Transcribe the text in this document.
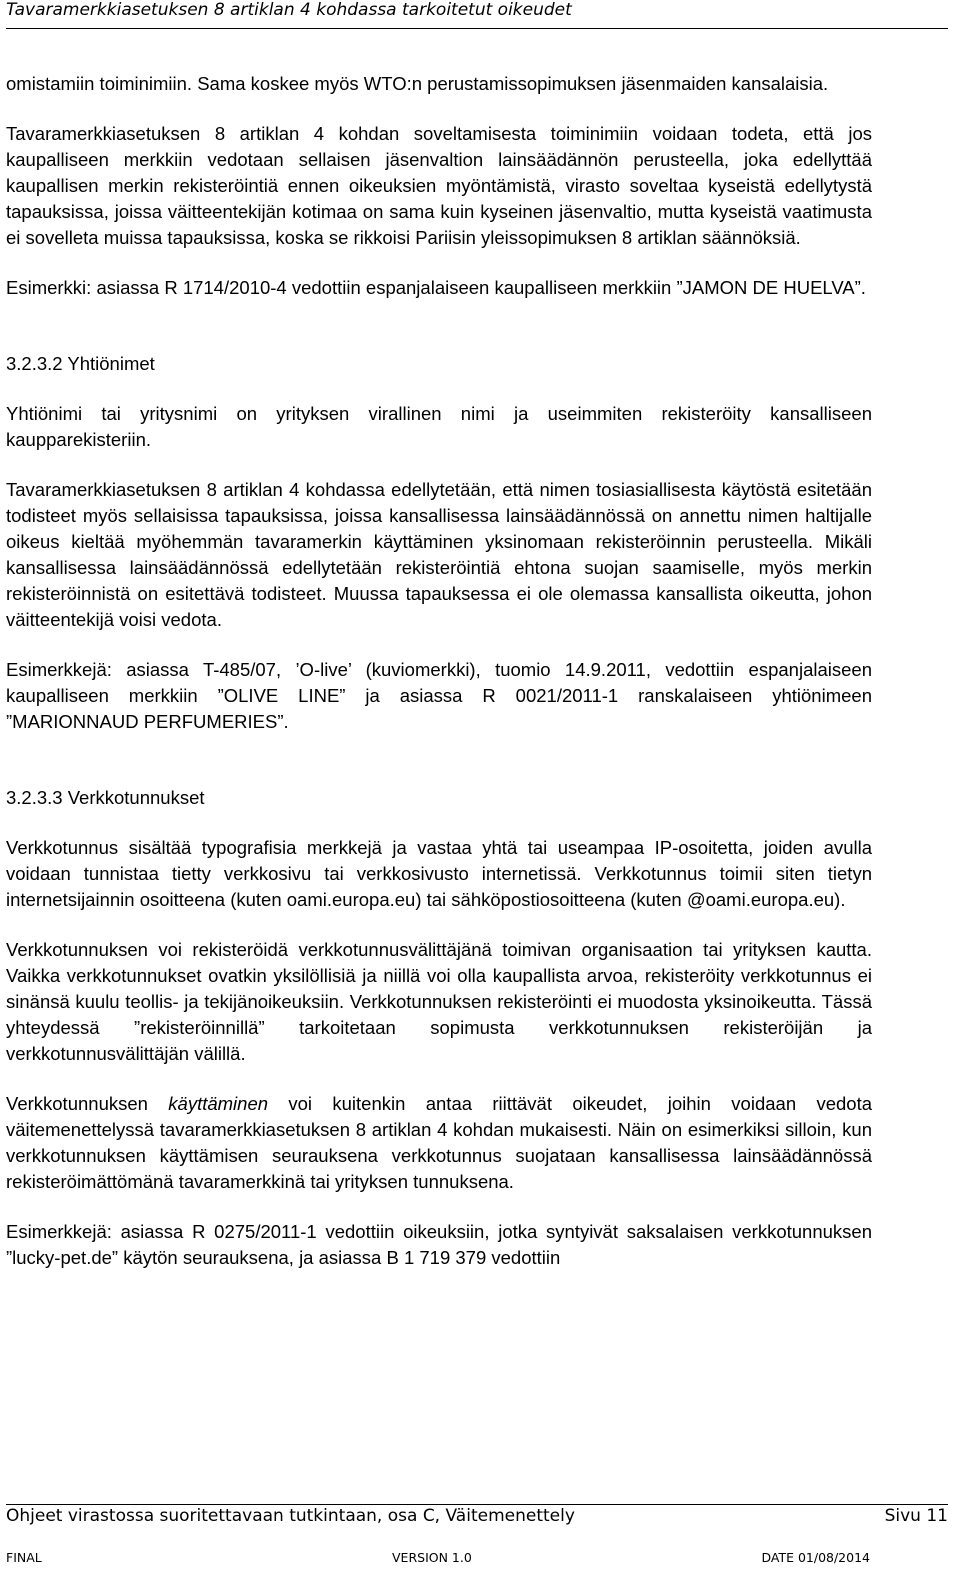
Tavaramerkkiasetuksen 8 artiklan 4 kohdassa tarkoitetut oikeudet

omistamiin toiminimiin. Sama koskee myös WTO:n perustamissopimuksen jäsenmaiden kansalaisia.

Tavaramerkkiasetuksen 8 artiklan 4 kohdan soveltamisesta toiminimiin voidaan todeta, että jos kaupalliseen merkkiin vedotaan sellaisen jäsenvaltion lainsäädännön perusteella, joka edellyttää kaupallisen merkin rekisteröintiä ennen oikeuksien myöntämistä, virasto soveltaa kyseistä edellytystä tapauksissa, joissa väitteentekijän kotimaa on sama kuin kyseinen jäsenvaltio, mutta kyseistä vaatimusta ei sovelleta muissa tapauksissa, koska se rikkoisi Pariisin yleissopimuksen 8 artiklan säännöksiä.

Esimerkki: asiassa R 1714/2010-4 vedottiin espanjalaiseen kaupalliseen merkkiin ”JAMON DE HUELVA”.

3.2.3.2 Yhtiönimet

Yhtiönimi tai yritysnimi on yrityksen virallinen nimi ja useimmiten rekisteröity kansalliseen kaupparekisteriin.

Tavaramerkkiasetuksen 8 artiklan 4 kohdassa edellytetään, että nimen tosiasiallisesta käytöstä esitetään todisteet myös sellaisissa tapauksissa, joissa kansallisessa lainsäädännössä on annettu nimen haltijalle oikeus kieltää myöhemmän tavaramerkin käyttäminen yksinomaan rekisteröinnin perusteella. Mikäli kansallisessa lainsäädännössä edellytetään rekisteröintiä ehtona suojan saamiselle, myös merkin rekisteröinnistä on esitettävä todisteet. Muussa tapauksessa ei ole olemassa kansallista oikeutta, johon väitteentekijä voisi vedota.

Esimerkkejä: asiassa T-485/07, ’O-live’ (kuviomerkki), tuomio 14.9.2011, vedottiin espanjalaiseen kaupalliseen merkkiin ”OLIVE LINE” ja asiassa R 0021/2011-1 ranskalaiseen yhtiönimeen ”MARIONNAUD PERFUMERIES”.

3.2.3.3 Verkkotunnukset

Verkkotunnus sisältää typografisia merkkejä ja vastaa yhtä tai useampaa IP-osoitetta, joiden avulla voidaan tunnistaa tietty verkkosivu tai verkkosivusto internetissä. Verkkotunnus toimii siten tietyn internetsijainnin osoitteena (kuten oami.europa.eu) tai sähköpostiosoitteena (kuten @oami.europa.eu).

Verkkotunnuksen voi rekisteröidä verkkotunnusvälittäjänä toimivan organisaation tai yrityksen kautta. Vaikka verkkotunnukset ovatkin yksilöllisiä ja niillä voi olla kaupallista arvoa, rekisteröity verkkotunnus ei sinänsä kuulu teollis- ja tekijänoikeuksiin. Verkkotunnuksen rekisteröinti ei muodosta yksinoikeutta. Tässä yhteydessä ”rekisteröinnillä” tarkoitetaan sopimusta verkkotunnuksen rekisteröijän ja verkkotunnusvälittäjän välillä.

Verkkotunnuksen käyttäminen voi kuitenkin antaa riittävät oikeudet, joihin voidaan vedota väitemenettelyssä tavaramerkkiasetuksen 8 artiklan 4 kohdan mukaisesti. Näin on esimerkiksi silloin, kun verkkotunnuksen käyttämisen seurauksena verkkotunnus suojataan kansallisessa lainsäädännössä rekisteröimättömänä tavaramerkkinä tai yrityksen tunnuksena.

Esimerkkejä: asiassa R 0275/2011-1 vedottiin oikeuksiin, jotka syntyivät saksalaisen verkkotunnuksen ”lucky-pet.de” käytön seurauksena, ja asiassa B 1 719 379 vedottiin

Ohjeet virastossa suoritettavaan tutkintaan, osa C, Väitemenettely	Sivu 11
FINAL	VERSION 1.0	DATE 01/08/2014
